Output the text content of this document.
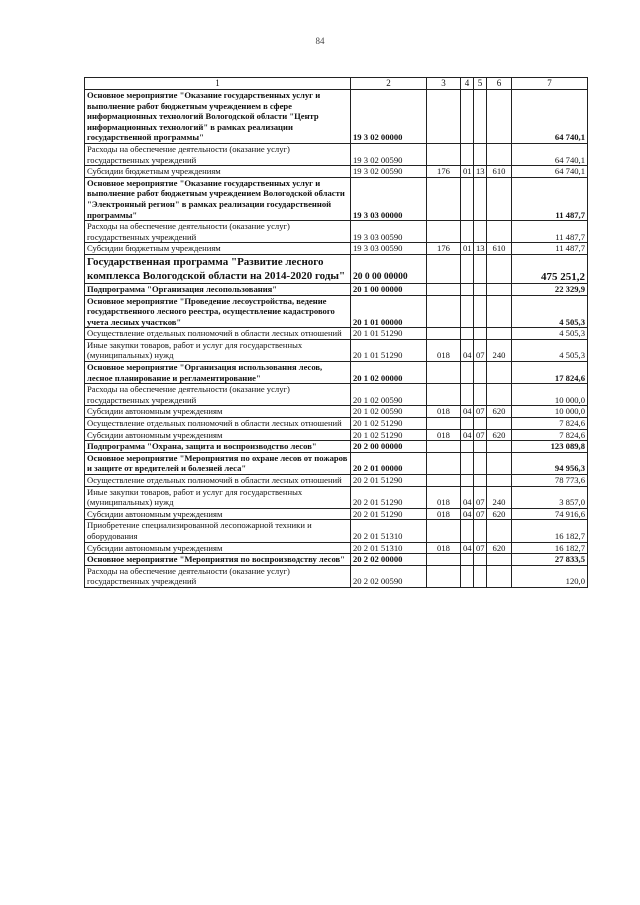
84
1	2	3	4	5	6	7
Основное мероприятие "Оказание государственных услуг и выполнение работ бюджетным учреждением в сфере информационных технологий Вологодской области "Центр информационных технологий" в рамках реализации государственной программы"	19 3 02 00000					64 740,1
Расходы на обеспечение деятельности (оказание услуг) государственных учреждений	19 3 02 00590					64 740,1
Субсидии бюджетным учреждениям	19 3 02 00590	176	01	13	610	64 740,1
Основное мероприятие "Оказание государственных услуг и выполнение работ бюджетным учреждением Вологодской области "Электронный регион" в рамках реализации государственной программы"	19 3 03 00000					11 487,7
Расходы на обеспечение деятельности (оказание услуг) государственных учреждений	19 3 03 00590					11 487,7
Субсидии бюджетным учреждениям	19 3 03 00590	176	01	13	610	11 487,7
Государственная программа "Развитие лесного комплекса Вологодской области на 2014-2020 годы"	20 0 00 00000					475 251,2
Подпрограмма "Организация лесопользования"	20 1 00 00000					22 329,9
Основное мероприятие "Проведение лесоустройства, ведение государственного лесного реестра, осуществление кадастрового учета лесных участков"	20 1 01 00000					4 505,3
Осуществление отдельных полномочий в области лесных отношений	20 1 01 51290					4 505,3
Иные закупки товаров, работ и услуг для государственных (муниципальных) нужд	20 1 01 51290	018	04	07	240	4 505,3
Основное мероприятие "Организация использования лесов, лесное планирование и регламентирование"	20 1 02 00000					17 824,6
Расходы на обеспечение деятельности (оказание услуг) государственных учреждений	20 1 02 00590					10 000,0
Субсидии автономным учреждениям	20 1 02 00590	018	04	07	620	10 000,0
Осуществление отдельных полномочий в области лесных отношений	20 1 02 51290					7 824,6
Субсидии автономным учреждениям	20 1 02 51290	018	04	07	620	7 824,6
Подпрограмма "Охрана, защита и воспроизводство лесов"	20 2 00 00000					123 089,8
Основное мероприятие "Мероприятия по охране лесов от пожаров и защите от вредителей и болезней леса"	20 2 01 00000					94 956,3
Осуществление отдельных полномочий в области лесных отношений	20 2 01 51290					78 773,6
Иные закупки товаров, работ и услуг для государственных (муниципальных) нужд	20 2 01 51290	018	04	07	240	3 857,0
Субсидии автономным учреждениям	20 2 01 51290	018	04	07	620	74 916,6
Приобретение специализированной лесопожарной техники и оборудования	20 2 01 51310					16 182,7
Субсидии автономным учреждениям	20 2 01 51310	018	04	07	620	16 182,7
Основное мероприятие "Мероприятия по воспроизводству лесов"	20 2 02 00000					27 833,5
Расходы на обеспечение деятельности (оказание услуг) государственных учреждений	20 2 02 00590					120,0
